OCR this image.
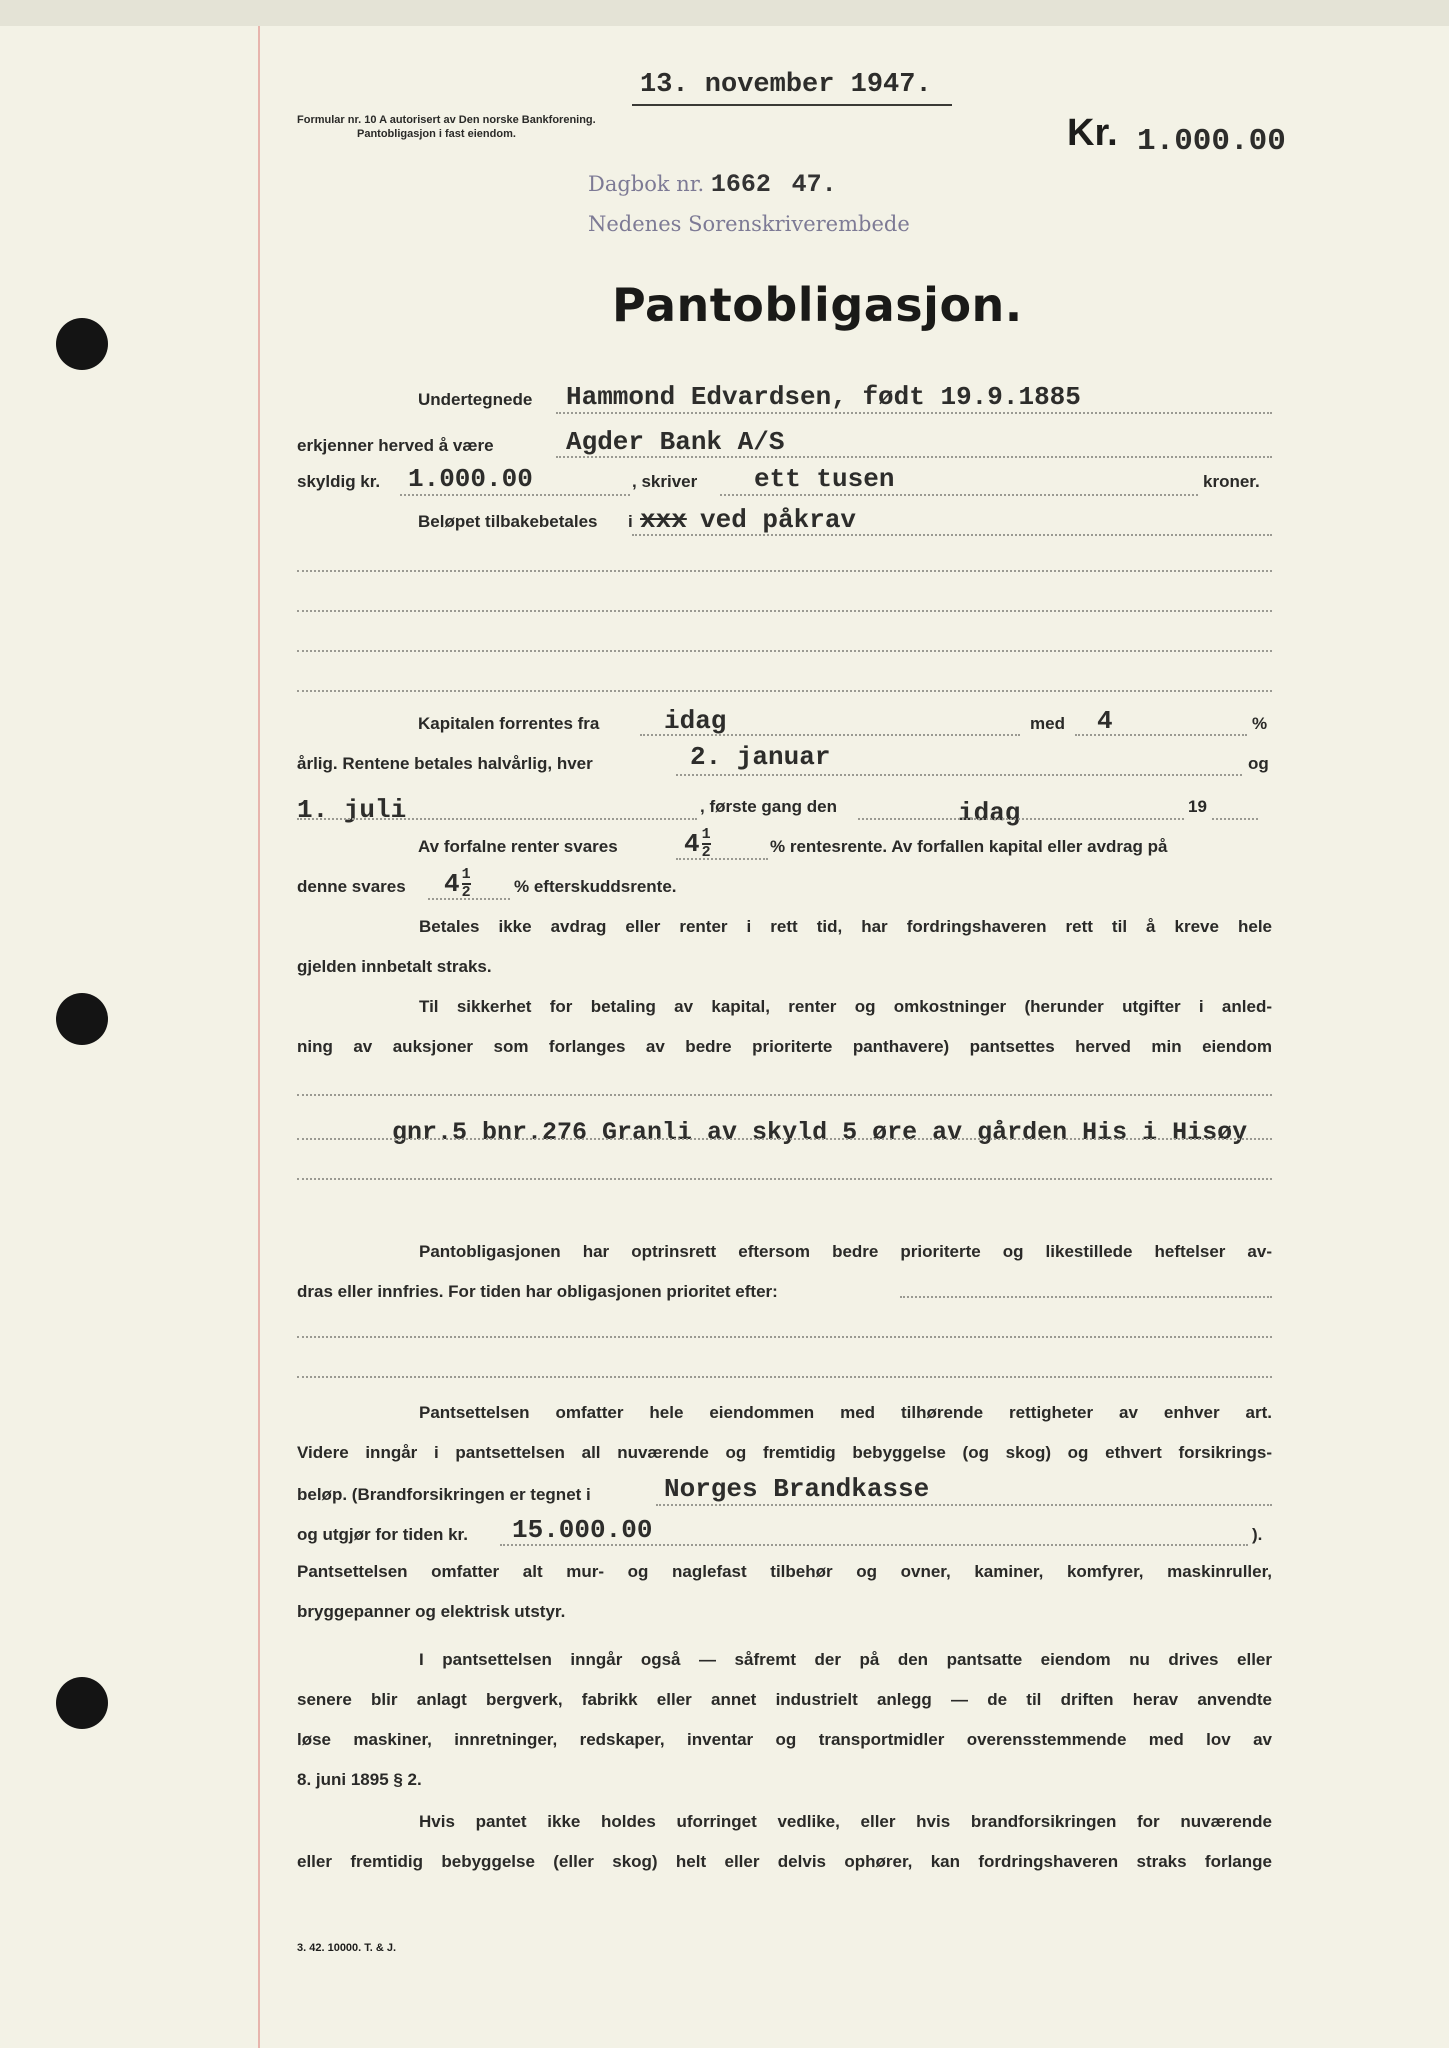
13. november 1947.
Formular nr. 10 A autorisert av Den norske Bankforening.
Pantobligasjon i fast eiendom.	Kr. 1.000.00
Dagbok nr. 1662 47.
Nedenes Sorenskriverembede
Pantobligasjon.
Undertegnede Hammond Edvardsen, født 19.9.1885
erkjenner herved å være	Agder Bank A/S
skyldig kr. 1.000.00	, skriver ett tusen	kroner.
Beløpet tilbakebetales i xxx ved påkrav
Kapitalen forrentes fra idag	med 4	%
årlig. Rentene betales halvårlig, hver	2. januar	og
1. juli	, første gang den	idag	19
Av forfalne renter svares	$4 \frac{1}{2}$	% rentesrente. Av forfallen kapital eller avdrag på
denne svares $4 \frac{1}{2}$	% efterskuddsrente.
Betales ikke avdrag eller renter i rett tid, har fordringshaveren rett til å kreve hele
gjelden innbetalt straks.
Til sikkerhet for betaling av kapital, renter og omkostninger (herunder utgifter i anled-
ning av auksjoner som forlanges av bedre prioriterte panthavere) pantsettes herved min eiendom
gnr.5 bnr.276 Granli av skyld 5 øre av gården His i Hisøy
Pantobligasjonen har optrinsrett eftersom bedre prioriterte og likestillede heftelser av-
dras eller innfries. For tiden har obligasjonen prioritet efter:
Pantsettelsen omfatter hele eiendommen med tilhørende rettigheter av enhver art.
Videre inngår i pantsettelsen all nuværende og fremtidig bebyggelse (og skog) og ethvert forsikrings-
beløp. (Brandforsikringen er tegnet i	Norges Brandkasse
og utgjør for tiden kr. 15.000.00	).
Pantsettelsen omfatter alt mur- og naglefast tilbehør og ovner, kaminer, komfyrer, maskinruller,
bryggepanner og elektrisk utstyr.
I pantsettelsen inngår også — såfremt der på den pantsatte eiendom nu drives eller
senere blir anlagt bergverk, fabrikk eller annet industrielt anlegg — de til driften herav anvendte
løse maskiner, innretninger, redskaper, inventar og transportmidler overensstemmende med lov av
8. juni 1895 § 2.
Hvis pantet ikke holdes uforringet vedlike, eller hvis brandforsikringen for nuværende
eller fremtidig bebyggelse (eller skog) helt eller delvis ophører, kan fordringshaveren straks forlange
3. 42. 10000. T. & J.
